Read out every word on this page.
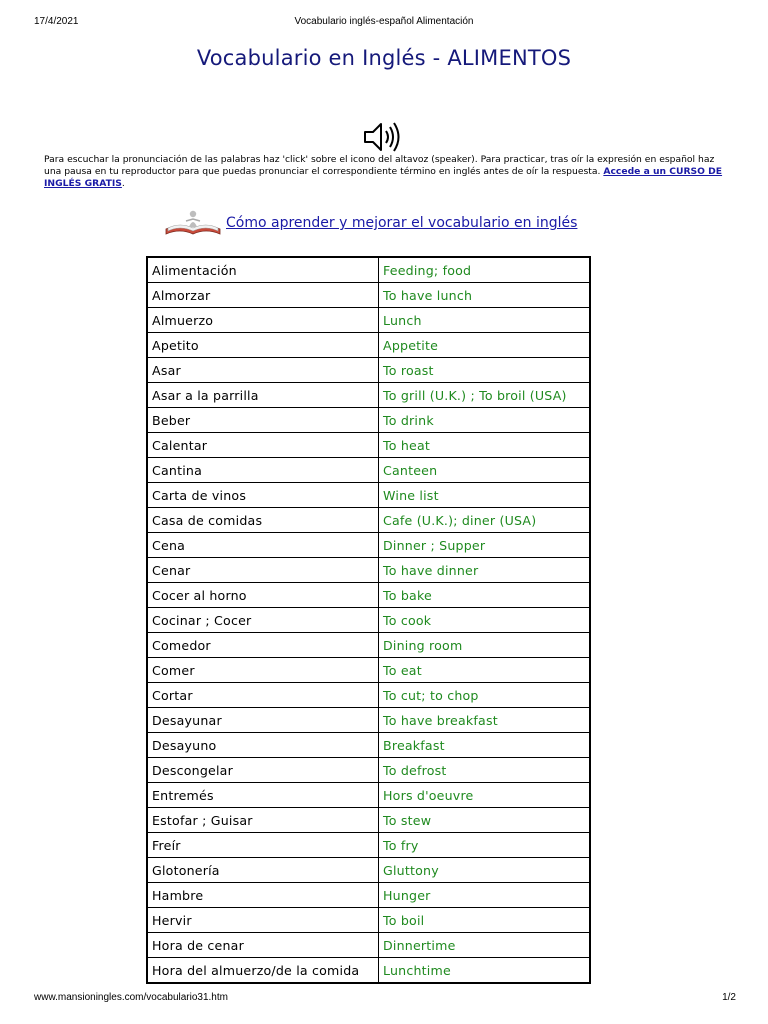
17/4/2021	Vocabulario inglés-español Alimentación
Vocabulario en Inglés - ALIMENTOS
Para escuchar la pronunciación de las palabras haz 'click' sobre el icono del altavoz (speaker). Para practicar, tras oír la expresión en español haz una pausa en tu reproductor para que puedas pronunciar el correspondiente término en inglés antes de oír la respuesta. Accede a un CURSO DE INGLÉS GRATIS.
Cómo aprender y mejorar el vocabulario en inglés
Alimentación	Feeding; food
Almorzar	To have lunch
Almuerzo	Lunch
Apetito	Appetite
Asar	To roast
Asar a la parrilla	To grill (U.K.) ; To broil (USA)
Beber	To drink
Calentar	To heat
Cantina	Canteen
Carta de vinos	Wine list
Casa de comidas	Cafe (U.K.); diner (USA)
Cena	Dinner ; Supper
Cenar	To have dinner
Cocer al horno	To bake
Cocinar ; Cocer	To cook
Comedor	Dining room
Comer	To eat
Cortar	To cut; to chop
Desayunar	To have breakfast
Desayuno	Breakfast
Descongelar	To defrost
Entremés	Hors d'oeuvre
Estofar ; Guisar	To stew
Freír	To fry
Glotonería	Gluttony
Hambre	Hunger
Hervir	To boil
Hora de cenar	Dinnertime
Hora del almuerzo/de la comida	Lunchtime
www.mansioningles.com/vocabulario31.htm	1/2
